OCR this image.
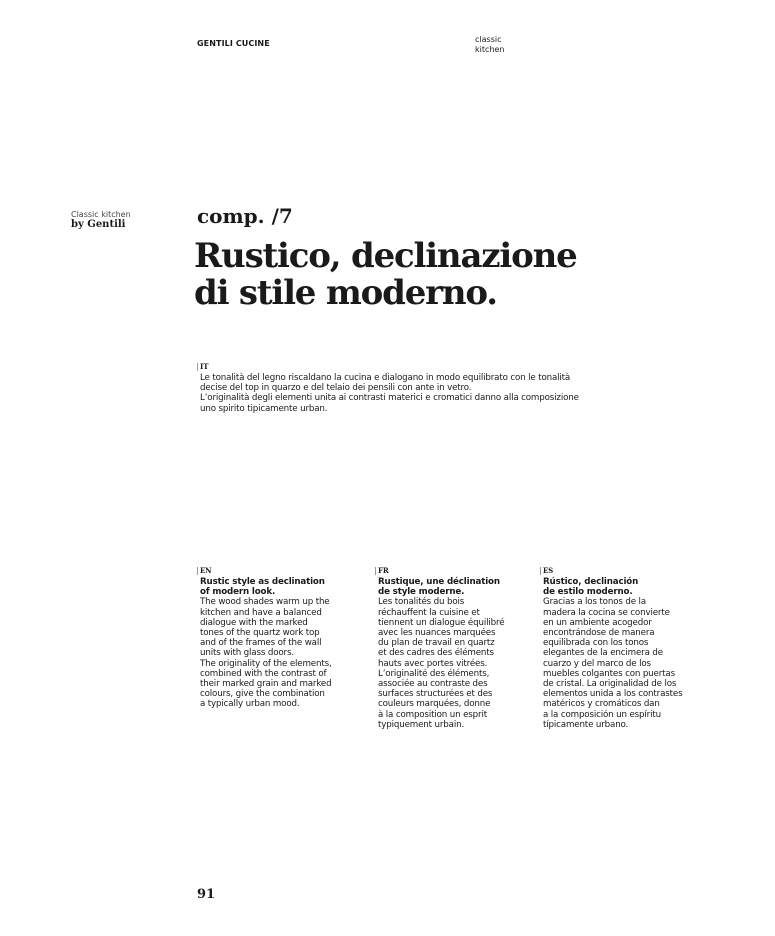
GENTILI CUCINE	classic
kitchen
Classic kitchen
by Gentili	comp. /7
Rustico, declinazione
di stile moderno.
IT
Le tonalità del legno riscaldano la cucina e dialogano in modo equilibrato con le tonalità
decise del top in quarzo e del telaio dei pensili con ante in vetro.
L’originalità degli elementi unita ai contrasti materici e cromatici danno alla composizione
uno spirito tipicamente urban.
EN
Rustic style as declination
of modern look.
The wood shades warm up the
kitchen and have a balanced
dialogue with the marked
tones of the quartz work top
and of the frames of the wall
units with glass doors.
The originality of the elements,
combined with the contrast of
their marked grain and marked
colours, give the combination
a typically urban mood.
FR
Rustique, une déclination
de style moderne.
Les tonalités du bois
réchauffent la cuisine et
tiennent un dialogue équilibré
avec les nuances marquées
du plan de travail en quartz
et des cadres des éléments
hauts avec portes vitrées.
L’originalité des éléments,
associée au contraste des
surfaces structurées et des
couleurs marquées, donne
à la composition un esprit
typiquement urbain.
ES
Rústico, declinación
de estilo moderno.
Gracias a los tonos de la
madera la cocina se convierte
en un ambiente acogedor
encontrándose de manera
equilibrada con los tonos
elegantes de la encimera de
cuarzo y del marco de los
muebles colgantes con puertas
de cristal. La originalidad de los
elementos unida a los contrastes
matéricos y cromáticos dan
a la composición un espíritu
típicamente urbano.
91
